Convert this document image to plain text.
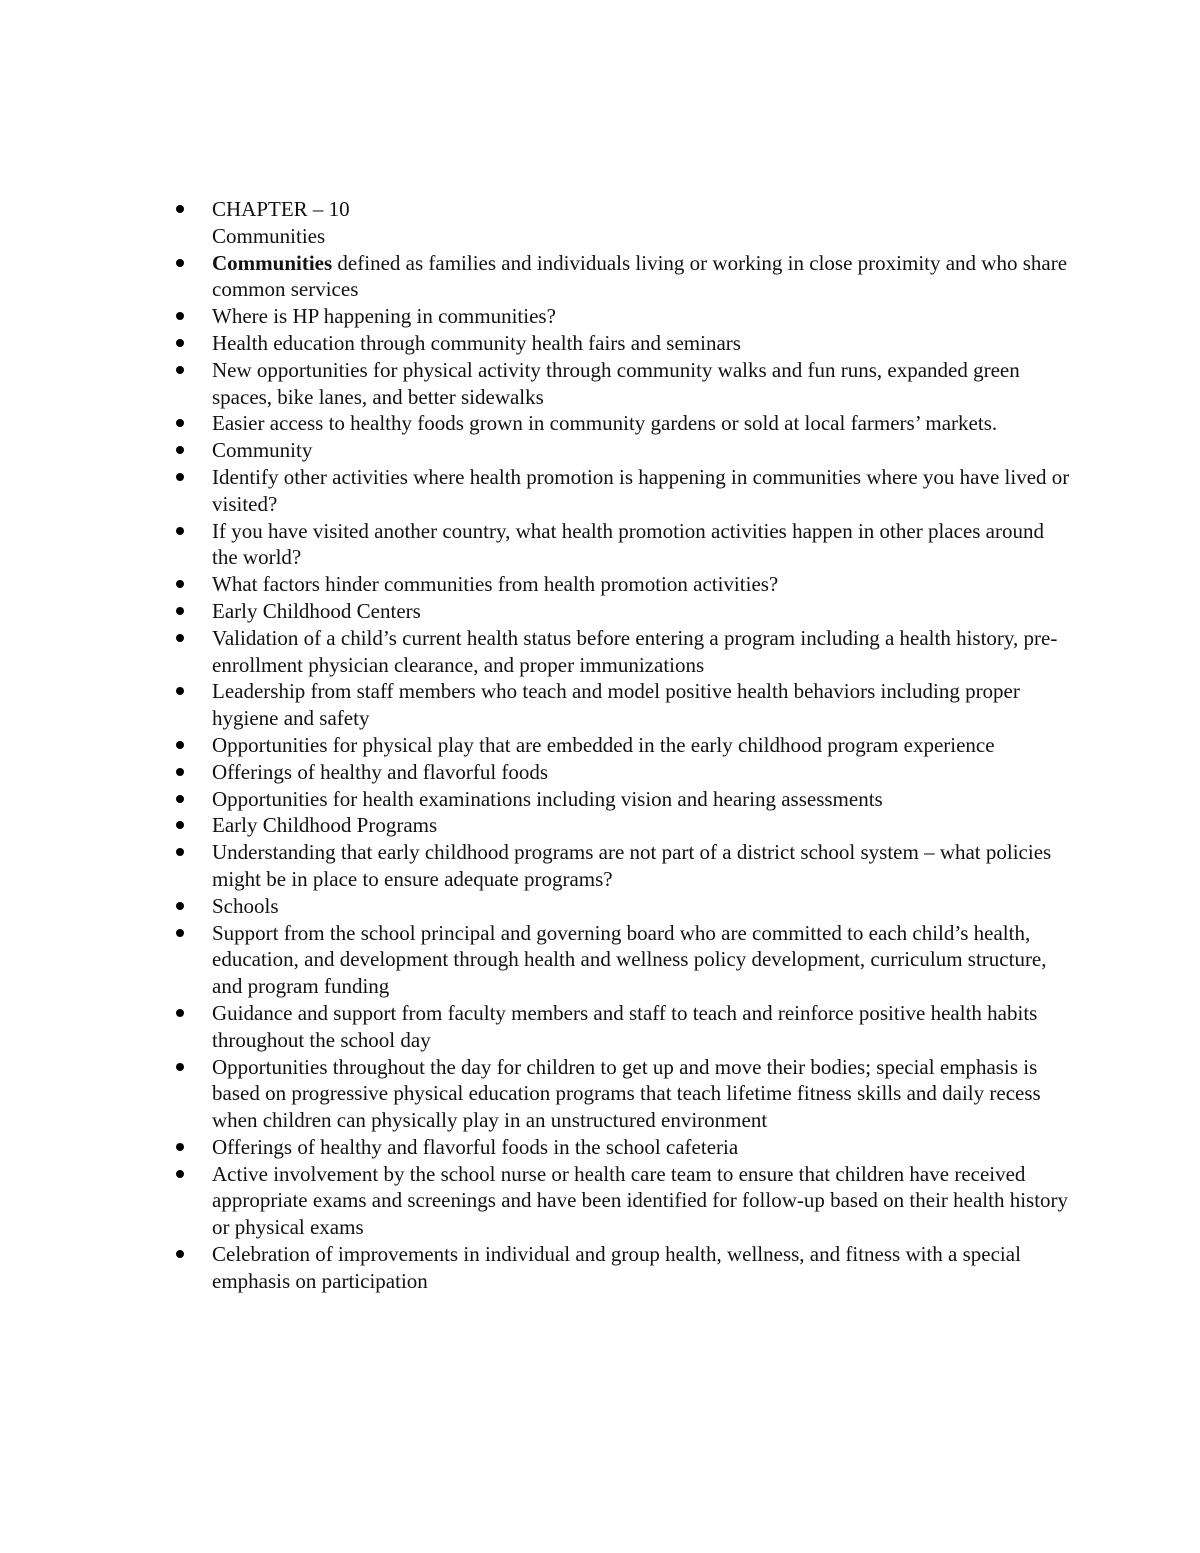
CHAPTER – 10
Communities
Communities defined as families and individuals living or working in close proximity and who share common services
Where is HP happening in communities?
Health education through community health fairs and seminars
New opportunities for physical activity through community walks and fun runs, expanded green spaces, bike lanes, and better sidewalks
Easier access to healthy foods grown in community gardens or sold at local farmers’ markets.
Community
Identify other activities where health promotion is happening in communities where you have lived or visited?
If you have visited another country, what health promotion activities happen in other places around the world?
What factors hinder communities from health promotion activities?
Early Childhood Centers
Validation of a child’s current health status before entering a program including a health history, pre-enrollment physician clearance, and proper immunizations
Leadership from staff members who teach and model positive health behaviors including proper hygiene and safety
Opportunities for physical play that are embedded in the early childhood program experience
Offerings of healthy and flavorful foods
Opportunities for health examinations including vision and hearing assessments
Early Childhood Programs
Understanding that early childhood programs are not part of a district school system – what policies might be in place to ensure adequate programs?
Schools
Support from the school principal and governing board who are committed to each child’s health, education, and development through health and wellness policy development, curriculum structure, and program funding
Guidance and support from faculty members and staff to teach and reinforce positive health habits throughout the school day
Opportunities throughout the day for children to get up and move their bodies; special emphasis is based on progressive physical education programs that teach lifetime fitness skills and daily recess when children can physically play in an unstructured environment
Offerings of healthy and flavorful foods in the school cafeteria
Active involvement by the school nurse or health care team to ensure that children have received appropriate exams and screenings and have been identified for follow-up based on their health history or physical exams
Celebration of improvements in individual and group health, wellness, and fitness with a special emphasis on participation
